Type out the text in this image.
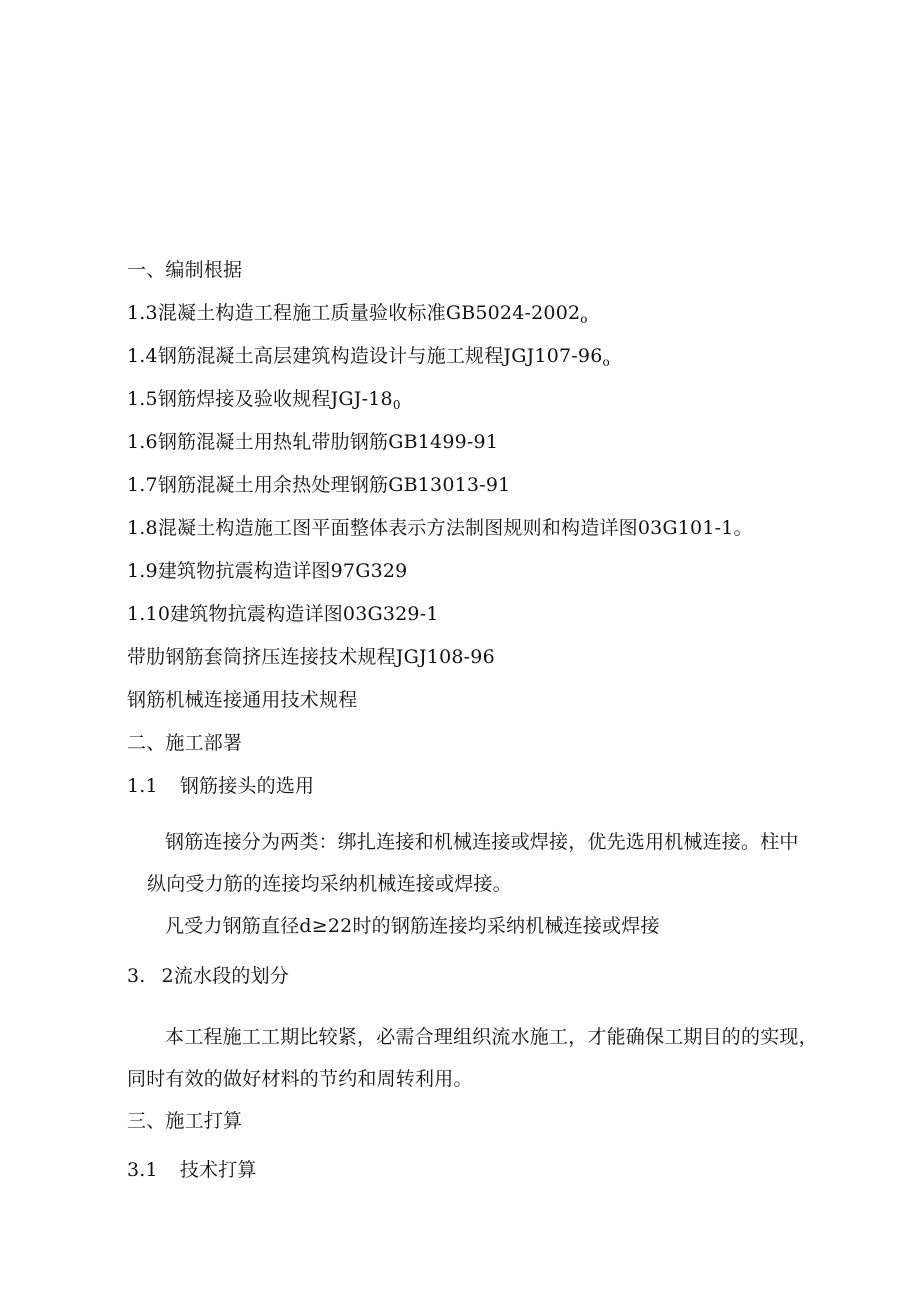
一、编制根据
1.3混凝土构造工程施工质量验收标准$GB5024-2002_o$
1.4钢筋混凝土高层建筑构造设计与施工规程$JGJ107-96_o$
1.5钢筋焊接及验收规程JGJ-$18_0$
1.6钢筋混凝土用热轧带肋钢筋GB1499-91
1.7钢筋混凝土用余热处理钢筋GB13013-91
1.8混凝土构造施工图平面整体表示方法制图规则和构造详图03G101-1。
1.9建筑物抗震构造详图97G329
1.10建筑物抗震构造详图03G329-1
带肋钢筋套筒挤压连接技术规程JGJ108-96
钢筋机械连接通用技术规程
二、施工部署
1.1 钢筋接头的选用
钢筋连接分为两类：绑扎连接和机械连接或焊接，优先选用机械连接。柱中
纵向受力筋的连接均采纳机械连接或焊接。
凡受力钢筋直径d≥22时的钢筋连接均采纳机械连接或焊接
3. 2流水段的划分
本工程施工工期比较紧，必需合理组织流水施工，才能确保工期目的的实现，
同时有效的做好材料的节约和周转利用。
三、施工打算
3.1 技术打算
